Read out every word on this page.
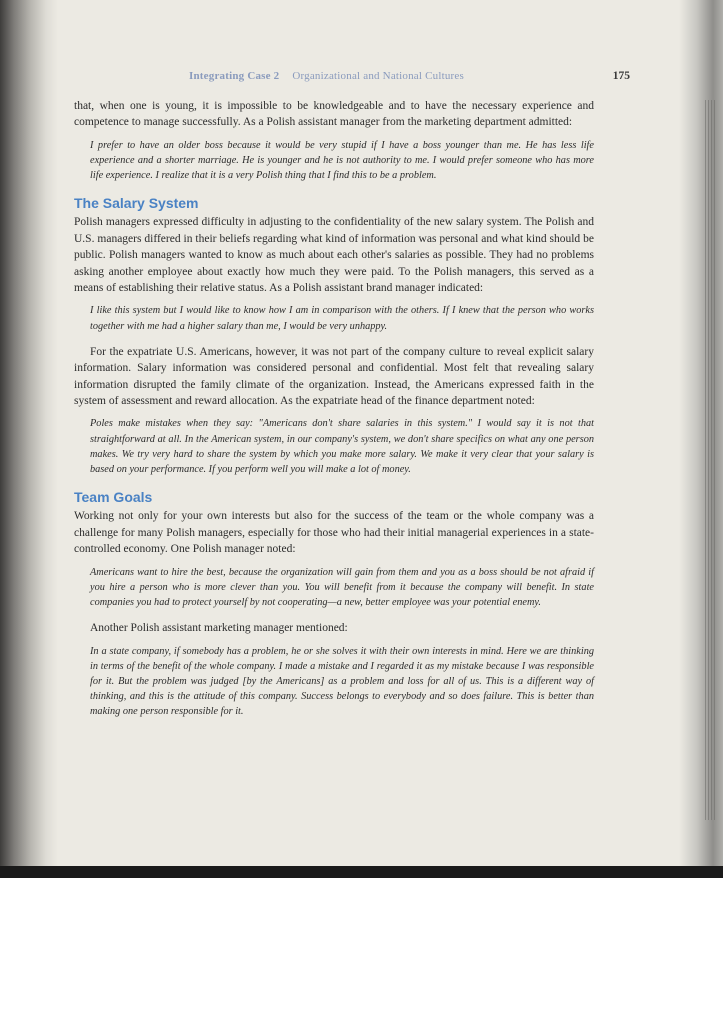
Integrating Case 2 Organizational and National Cultures	175

that, when one is young, it is impossible to be knowledgeable and to have the necessary experience and competence to manage successfully. As a Polish assistant manager from the marketing department admitted:

I prefer to have an older boss because it would be very stupid if I have a boss younger than me. He has less life experience and a shorter marriage. He is younger and he is not authority to me. I would prefer someone who has more life experience. I realize that it is a very Polish thing that I find this to be a problem.

The Salary System

Polish managers expressed difficulty in adjusting to the confidentiality of the new salary system. The Polish and U.S. managers differed in their beliefs regarding what kind of information was personal and what kind should be public. Polish managers wanted to know as much about each other's salaries as possible. They had no problems asking another employee about exactly how much they were paid. To the Polish managers, this served as a means of establishing their relative status. As a Polish assistant brand manager indicated:

I like this system but I would like to know how I am in comparison with the others. If I knew that the person who works together with me had a higher salary than me, I would be very unhappy.

For the expatriate U.S. Americans, however, it was not part of the company culture to reveal explicit salary information. Salary information was considered personal and confidential. Most felt that revealing salary information disrupted the family climate of the organization. Instead, the Americans expressed faith in the system of assessment and reward allocation. As the expatriate head of the finance department noted:

Poles make mistakes when they say: "Americans don't share salaries in this system." I would say it is not that straightforward at all. In the American system, in our company's system, we don't share specifics on what any one person makes. We try very hard to share the system by which you make more salary. We make it very clear that your salary is based on your performance. If you perform well you will make a lot of money.

Team Goals

Working not only for your own interests but also for the success of the team or the whole company was a challenge for many Polish managers, especially for those who had their initial managerial experiences in a state-controlled economy. One Polish manager noted:

Americans want to hire the best, because the organization will gain from them and you as a boss should be not afraid if you hire a person who is more clever than you. You will benefit from it because the company will benefit. In state companies you had to protect yourself by not cooperating—a new, better employee was your potential enemy.

Another Polish assistant marketing manager mentioned:

In a state company, if somebody has a problem, he or she solves it with their own interests in mind. Here we are thinking in terms of the benefit of the whole company. I made a mistake and I regarded it as my mistake because I was responsible for it. But the problem was judged [by the Americans] as a problem and loss for all of us. This is a different way of thinking, and this is the attitude of this company. Success belongs to everybody and so does failure. This is better than making one person responsible for it.
